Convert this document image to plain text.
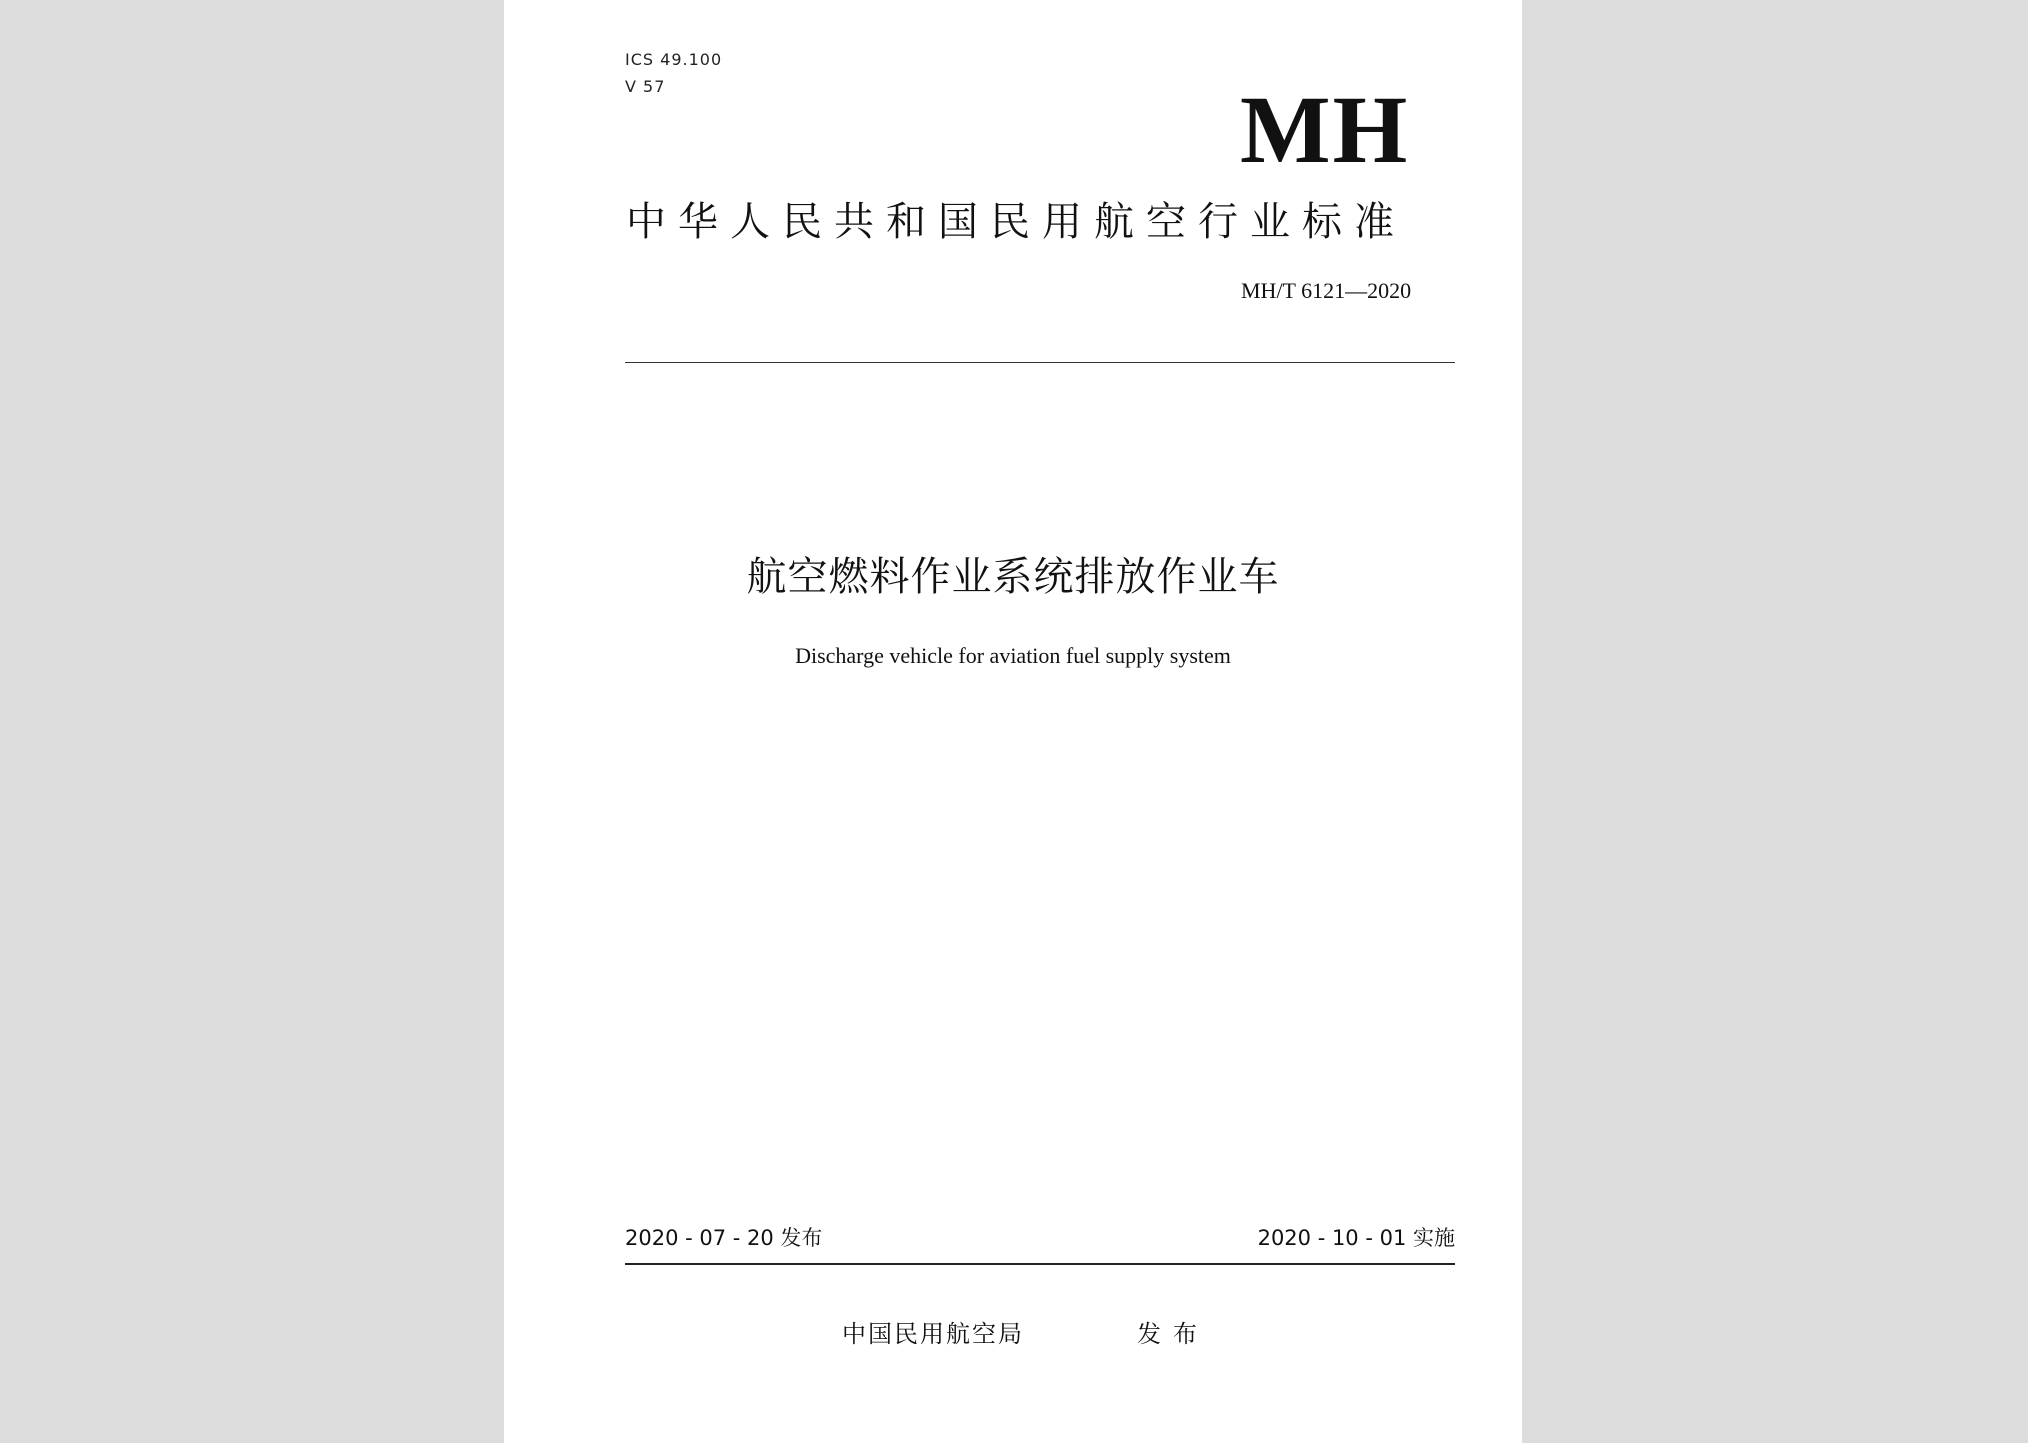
ICS 49.100
V 57	MH
中华人民共和国民用航空行业标准
MH/T 6121—2020
航空燃料作业系统排放作业车
Discharge vehicle for aviation fuel supply system
2020 - 07 - 20 发布	2020 - 10 - 01 实施
中国民用航空局	发布
